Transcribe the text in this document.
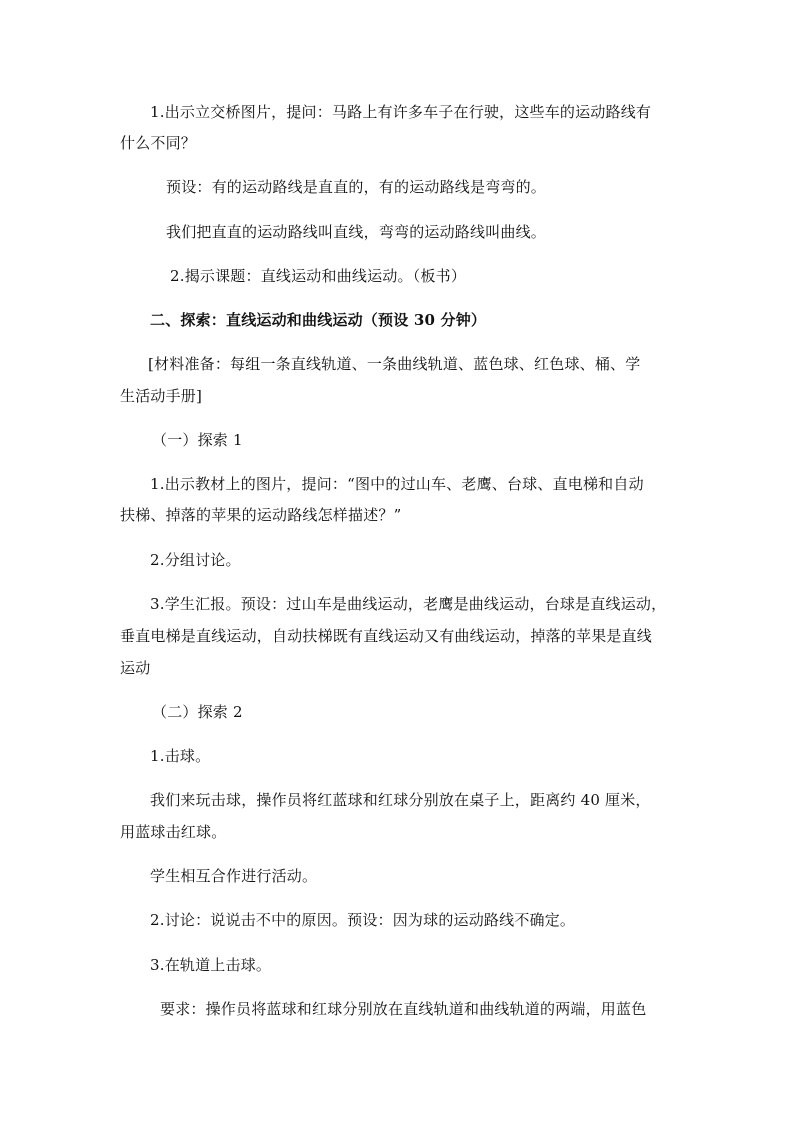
1.出示立交桥图片，提问：马路上有许多车子在行驶，这些车的运动路线有
什么不同？
预设：有的运动路线是直直的，有的运动路线是弯弯的。
我们把直直的运动路线叫直线，弯弯的运动路线叫曲线。
2.揭示课题：直线运动和曲线运动。（板书）
二、探索：直线运动和曲线运动（预设 30 分钟）
[材料准备：每组一条直线轨道、一条曲线轨道、蓝色球、红色球、桶、学
生活动手册]
（一）探索 1
1.出示教材上的图片，提问：“图中的过山车、老鹰、台球、直电梯和自动
扶梯、掉落的苹果的运动路线怎样描述？”
2.分组讨论。
3.学生汇报。预设：过山车是曲线运动，老鹰是曲线运动，台球是直线运动，
垂直电梯是直线运动，自动扶梯既有直线运动又有曲线运动，掉落的苹果是直线
运动
（二）探索 2
1.击球。
我们来玩击球，操作员将红蓝球和红球分别放在桌子上，距离约 40 厘米，
用蓝球击红球。
学生相互合作进行活动。
2.讨论：说说击不中的原因。预设：因为球的运动路线不确定。
3.在轨道上击球。
要求：操作员将蓝球和红球分别放在直线轨道和曲线轨道的两端，用蓝色
